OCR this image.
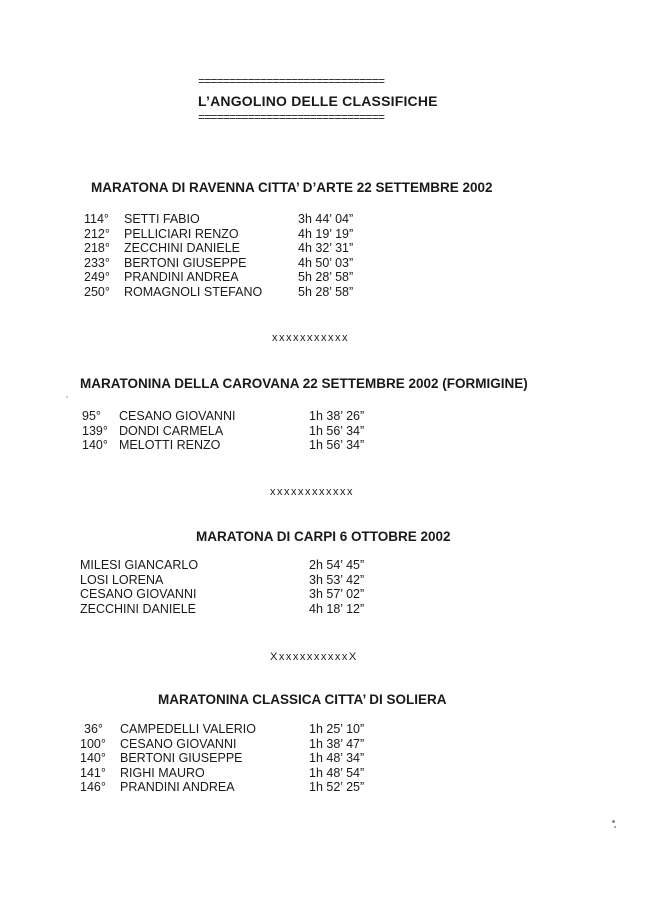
==============================
L’ANGOLINO DELLE CLASSIFICHE
==============================
MARATONA DI RAVENNA CITTA’ D’ARTE 22 SETTEMBRE 2002
114° SETTI FABIO	3h 44’ 04”
212° PELLICIARI RENZO	4h 19’ 19”
218° ZECCHINI DANIELE	4h 32’ 31”
233° BERTONI GIUSEPPE	4h 50’ 03”
249° PRANDINI ANDREA	5h 28’ 58”
250° ROMAGNOLI STEFANO	5h 28’ 58”
xxxxxxxxxxx
MARATONINA DELLA CAROVANA 22 SETTEMBRE 2002 (FORMIGINE)
95° CESANO GIOVANNI	1h 38’ 26”
139° DONDI CARMELA	1h 56’ 34”
140° MELOTTI RENZO	1h 56’ 34”
xxxxxxxxxxxx
MARATONA DI CARPI 6 OTTOBRE 2002
MILESI GIANCARLO	2h 54’ 45”
LOSI LORENA	3h 53’ 42”
CESANO GIOVANNI	3h 57’ 02”
ZECCHINI DANIELE	4h 18’ 12”
XxxxxxxxxxxX
MARATONINA CLASSICA CITTA’ DI SOLIERA
36° CAMPEDELLI VALERIO	1h 25’ 10”
100° CESANO GIOVANNI	1h 38’ 47”
140° BERTONI GIUSEPPE	1h 48’ 34”
141° RIGHI MAURO	1h 48’ 54”
146° PRANDINI ANDREA	1h 52’ 25”
